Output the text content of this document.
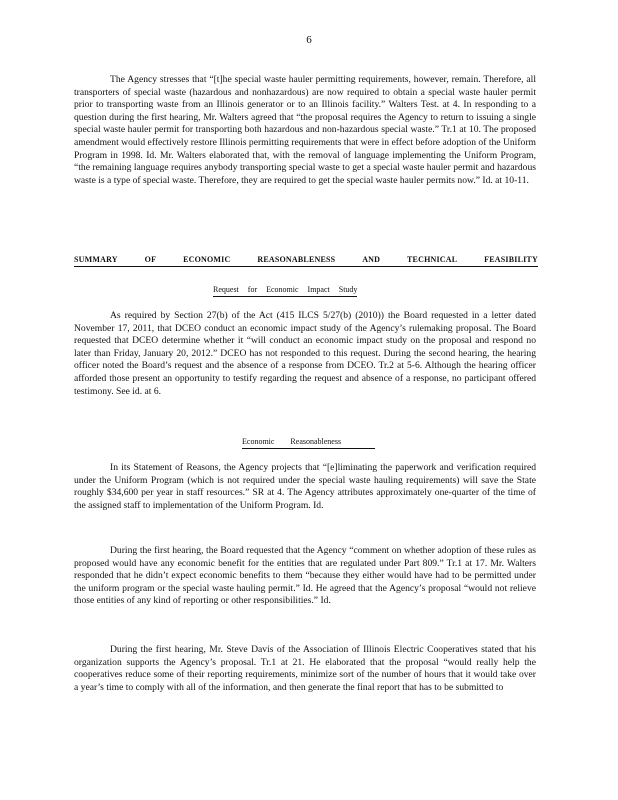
6

The Agency stresses that “[t]he special waste hauler permitting requirements, however, remain. Therefore, all transporters of special waste (hazardous and nonhazardous) are now required to obtain a special waste hauler permit prior to transporting waste from an Illinois generator or to an Illinois facility.” Walters Test. at 4. In responding to a question during the first hearing, Mr. Walters agreed that “the proposal requires the Agency to return to issuing a single special waste hauler permit for transporting both hazardous and non-hazardous special waste.” Tr.1 at 10. The proposed amendment would effectively restore Illinois permitting requirements that were in effect before adoption of the Uniform Program in 1998. Id. Mr. Walters elaborated that, with the removal of language implementing the Uniform Program, “the remaining language requires anybody transporting special waste to get a special waste hauler permit and hazardous waste is a type of special waste. Therefore, they are required to get the special waste hauler permits now.” Id. at 10-11.

SUMMARY	OF	ECONOMIC	REASONABLENESS	AND	TECHNICAL	FEASIBILITY
Request for Economic Impact Study

As required by Section 27(b) of the Act (415 ILCS 5/27(b) (2010)) the Board requested in a letter dated November 17, 2011, that DCEO conduct an economic impact study of the Agency’s rulemaking proposal. The Board requested that DCEO determine whether it “will conduct an economic impact study on the proposal and respond no later than Friday, January 20, 2012.” DCEO has not responded to this request. During the second hearing, the hearing officer noted the Board’s request and the absence of a response from DCEO. Tr.2 at 5-6. Although the hearing officer afforded those present an opportunity to testify regarding the request and absence of a response, no participant offered testimony. See id. at 6.

Economic Reasonableness

In its Statement of Reasons, the Agency projects that “[e]liminating the paperwork and verification required under the Uniform Program (which is not required under the special waste hauling requirements) will save the State roughly $34,600 per year in staff resources.” SR at 4. The Agency attributes approximately one-quarter of the time of the assigned staff to implementation of the Uniform Program. Id.

During the first hearing, the Board requested that the Agency “comment on whether adoption of these rules as proposed would have any economic benefit for the entities that are regulated under Part 809.” Tr.1 at 17. Mr. Walters responded that he didn’t expect economic benefits to them “because they either would have had to be permitted under the uniform program or the special waste hauling permit.” Id. He agreed that the Agency’s proposal “would not relieve those entities of any kind of reporting or other responsibilities.” Id.

During the first hearing, Mr. Steve Davis of the Association of Illinois Electric Cooperatives stated that his organization supports the Agency’s proposal. Tr.1 at 21. He elaborated that the proposal “would really help the cooperatives reduce some of their reporting requirements, minimize sort of the number of hours that it would take over a year’s time to comply with all of the information, and then generate the final report that has to be submitted to
